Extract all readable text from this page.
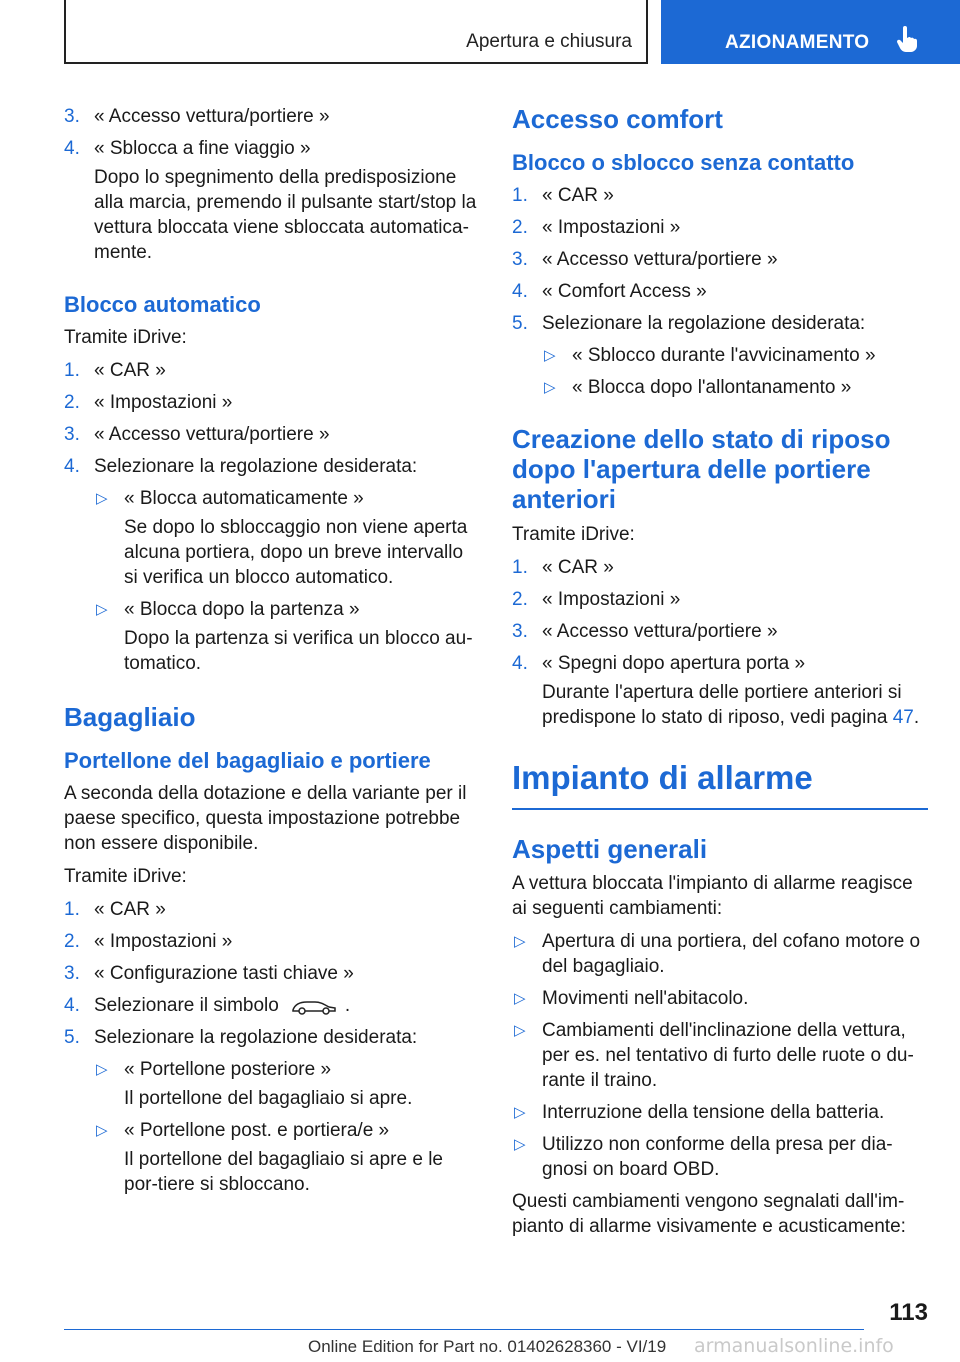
Apertura e chiusura	AZIONAMENTO
3. « Accesso vettura/portiere »
4. « Sblocca a fine viaggio »
Dopo lo spegnimento della predisposizione alla marcia, premendo il pulsante start/stop la vettura bloccata viene sbloccata automatica-mente.
Blocco automatico

Tramite iDrive:

1. « CAR »
2. « Impostazioni »
3. « Accesso vettura/portiere »
4. Selezionare la regolazione desiderata:
▷ « Blocca automaticamente »
Se dopo lo sbloccaggio non viene aperta alcuna portiera, dopo un breve intervallo si verifica un blocco automatico.
▷ « Blocca dopo la partenza »
Dopo la partenza si verifica un blocco au-tomatico.
Bagagliaio
Portellone del bagagliaio e portiere

A seconda della dotazione e della variante per il paese specifico, questa impostazione potrebbe non essere disponibile.

Tramite iDrive:

1. « CAR »
2. « Impostazioni »
3. « Configurazione tasti chiave »
4. Selezionare il simbolo	.
5. Selezionare la regolazione desiderata:
▷ « Portellone posteriore »
Il portellone del bagagliaio si apre.
▷ « Portellone post. e portiera/e »
Il portellone del bagagliaio si apre e le por-tiere si sbloccano.
Accesso comfort
Blocco o sblocco senza contatto
1. « CAR »
2. « Impostazioni »
3. « Accesso vettura/portiere »
4. « Comfort Access »
5. Selezionare la regolazione desiderata:
▷ « Sblocco durante l'avvicinamento »
▷ « Blocca dopo l'allontanamento »
Creazione dello stato di riposo dopo l'apertura delle portiere anteriori

Tramite iDrive:

1. « CAR »
2. « Impostazioni »
3. « Accesso vettura/portiere »
4. « Spegni dopo apertura porta »
Durante l'apertura delle portiere anteriori si predispone lo stato di riposo, vedi pagina 47.
Impianto di allarme
Aspetti generali

A vettura bloccata l'impianto di allarme reagisce ai seguenti cambiamenti:

▷ Apertura di una portiera, del cofano motore o del bagagliaio.
▷ Movimenti nell'abitacolo.
▷ Cambiamenti dell'inclinazione della vettura, per es. nel tentativo di furto delle ruote o du-rante il traino.
▷ Interruzione della tensione della batteria.
▷ Utilizzo non conforme della presa per dia-gnosi on board OBD.

Questi cambiamenti vengono segnalati dall'im-pianto di allarme visivamente e acusticamente:

113
Online Edition for Part no. 01402628360 - VI/19 armanualsonline.info
